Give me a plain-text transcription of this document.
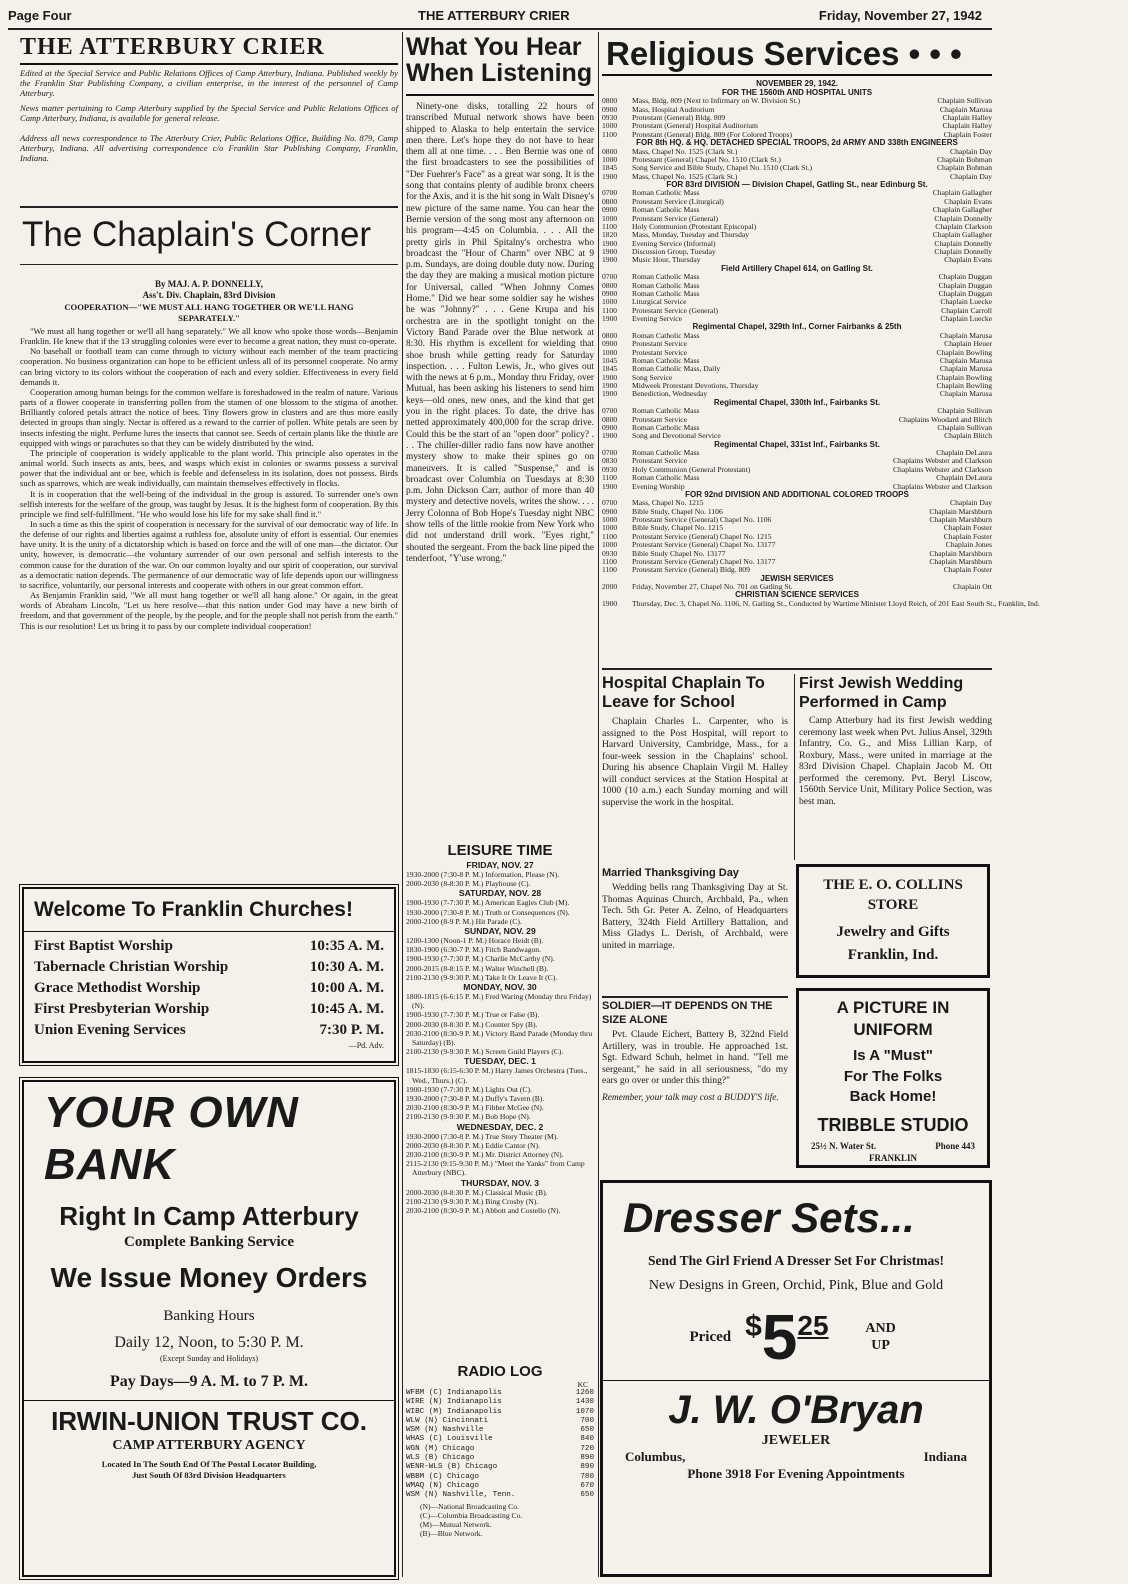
Page Four	THE ATTERBURY CRIER	Friday, November 27, 1942
THE ATTERBURY CRIER
Edited at the Special Service and Public Relations Offices of Camp Atterbury, Indiana. Published weekly by the Franklin Star Publishing Company, a civilian enterprise, in the interest of the personnel of Camp Atterbury.
News matter pertaining to Camp Atterbury supplied by the Special Service and Public Relations Offices of Camp Atterbury, Indiana, is available for general release.
Address all news correspondence to The Atterbury Crier, Public Relations Office, Building No. 879, Camp Atterbury, Indiana. All advertising correspondence c/o Franklin Star Publishing Company, Franklin, Indiana.
The Chaplain's Corner
By MAJ. A. P. DONNELLY,
Ass't. Div. Chaplain, 83rd Division
COOPERATION—"WE MUST ALL HANG TOGETHER OR WE'LL HANG SEPARATELY."
"We must all hang together or we'll all hang separately." We all know who spoke those words—Benjamin Franklin. He knew that if the 13 struggling colonies were ever to become a great nation, they must co-operate.
No baseball or football team can come through to victory without each member of the team practicing cooperation. No business organization can hope to be efficient unless all of its personnel cooperate. No army can bring victory to its colors without the cooperation of each and every soldier. Effectiveness in every field demands it.
Cooperation among human beings for the common welfare is foreshadowed in the realm of nature. Various parts of a flower cooperate in transferring pollen from the stamen of one blossom to the stigma of another. Brilliantly colored petals attract the notice of bees. Tiny flowers grow in clusters and are thus more easily detected in groups than singly. Nectar is offered as a reward to the carrier of pollen. White petals are seen by insects infesting the night. Perfume lures the insects that cannot see. Seeds of certain plants like the thistle are equipped with wings or parachutes so that they can be widely distributed by the wind.
The principle of cooperation is widely applicable to the plant world. This principle also operates in the animal world. Such insects as ants, bees, and wasps which exist in colonies or swarms possess a survival power that the individual ant or bee, which is feeble and defenseless in its isolation, does not possess. Birds such as sparrows, which are weak individually, can maintain themselves effectively in flocks.
It is in cooperation that the well-being of the individual in the group is assured. To surrender one's own selfish interests for the welfare of the group, was taught by Jesus. It is the highest form of cooperation. By this principle we find self-fulfillment. "He who would lose his life for my sake shall find it."
In such a time as this the spirit of cooperation is necessary for the survival of our democratic way of life. In the defense of our rights and liberties against a ruthless foe, absolute unity of effort is essential. Our enemies have unity. It is the unity of a dictatorship which is based on force and the will of one man—the dictator. Our unity, however, is democratic—the voluntary surrender of our own personal and selfish interests to the common cause for the duration of the war. On our common loyalty and our spirit of cooperation, our survival as a democratic nation depends. The permanence of our democratic way of life depends upon our willingness to sacrifice, voluntarily, our personal interests and cooperate with others in our great common effort.
As Benjamin Franklin said, "We all must hang together or we'll all hang alone." Or again, in the great words of Abraham Lincoln, "Let us here resolve—that this nation under God may have a new birth of freedom, and that government of the people, by the people, and for the people shall not perish from the earth." This is our resolution! Let us bring it to pass by our complete individual cooperation!
Welcome To Franklin Churches!
First Baptist Worship	10:35 A. M.
Tabernacle Christian Worship	10:30 A. M.
Grace Methodist Worship	10:00 A. M.
First Presbyterian Worship	10:45 A. M.
Union Evening Services	7:30 P. M.
—Pd. Adv.
YOUR OWN
BANK
Right In Camp Atterbury
Complete Banking Service
We Issue Money Orders
Banking Hours
Daily 12, Noon, to 5:30 P. M.
(Except Sunday and Holidays)
Pay Days—9 A. M. to 7 P. M.
IRWIN-UNION TRUST CO.
CAMP ATTERBURY AGENCY
Located In The South End Of The Postal Locator Building,
Just South Of 83rd Division Headquarters
What You Hear
When Listening
Ninety-one disks, totalling 22 hours of transcribed Mutual network shows have been shipped to Alaska to help entertain the service men there. Let's hope they do not have to hear them all at one time. . . . Ben Bernie was one of the first broadcasters to see the possibilities of "Der Fuehrer's Face" as a great war song. It is the song that contains plenty of audible bronx cheers for the Axis, and it is the hit song in Walt Disney's new picture of the same name. You can hear the Bernie version of the song most any afternoon on his program—4:45 on Columbia. . . . All the pretty girls in Phil Spitalny's orchestra who broadcast the "Hour of Charm" over NBC at 9 p.m. Sundays, are doing double duty now. During the day they are making a musical motion picture for Universal, called "When Johnny Comes Home." Did we hear some soldier say he wishes he was "Johnny?" . . . Gene Krupa and his orchestra are in the spotlight tonight on the Victory Band Parade over the Blue network at 8:30. His rhythm is excellent for wielding that shoe brush while getting ready for Saturday inspection. . . . Fulton Lewis, Jr., who gives out with the news at 6 p.m., Monday thru Friday, over Mutual, has been asking his listeners to send him keys—old ones, new ones, and the kind that get you in the right places. To date, the drive has netted approximately 400,000 for the scrap drive. Could this be the start of an "open door" policy? . . . The chiller-diller radio fans now have another mystery show to make their spines go on maneuvers. It is called "Suspense," and is broadcast over Columbia on Tuesdays at 8:30 p.m. John Dickson Carr, author of more than 40 mystery and detective novels, writes the show. . . . Jerry Colonna of Bob Hope's Tuesday night NBC show tells of the little rookie from New York who did not understand drill work. "Eyes right," shouted the sergeant. From the back line piped the tenderfoot, "Y'use wrong."
LEISURE TIME
FRIDAY, NOV. 27
1930-2000 (7:30-8 P. M.) Information, Please (N).
2000-2030 (8-8:30 P. M.) Playhouse (C).
SATURDAY, NOV. 28
1900-1930 (7-7:30 P. M.) American Eagles Club (M).
1930-2000 (7:30-8 P. M.) Truth or Consequences (N).
2000-2100 (8-9 P. M.) Hit Parade (C).
SUNDAY, NOV. 29
1200-1300 (Noon-1 P. M.) Horace Heidt (B).
1830-1900 (6:30-7 P. M.) Fitch Bandwagon.
1900-1930 (7-7:30 P. M.) Charlie McCarthy (N).
2000-2015 (8-8:15 P. M.) Walter Winchell (B).
2100-2130 (9-9:30 P. M.) Take It Or Leave It (C).
MONDAY, NOV. 30
1800-1815 (6-6:15 P. M.) Fred Waring (Monday thru Friday) (N).
1900-1930 (7-7:30 P. M.) True or False (B).
2000-2030 (8-8:30 P. M.) Counter Spy (B).
2030-2100 (8:30-9 P. M.) Victory Band Parade (Monday thru Saturday) (B).
2100-2130 (9-9:30 P. M.) Screen Guild Players (C).
TUESDAY, DEC. 1
1815-1830 (6:15-6:30 P. M.) Harry James Orchestra (Tues., Wed., Thurs.) (C).
1900-1930 (7-7:30 P. M.) Lights Out (C).
1930-2000 (7:30-8 P. M.) Duffy's Tavern (B).
2030-2100 (8:30-9 P. M.) Fibber McGee (N).
2100-2130 (9-9:30 P. M.) Bob Hope (N).
WEDNESDAY, DEC. 2
1930-2000 (7:30-8 P. M.) True Story Theater (M).
2000-2030 (8-8:30 P. M.) Eddie Cantor (N).
2030-2100 (8:30-9 P. M.) Mr. District Attorney (N).
2115-2130 (9:15-9:30 P. M.) "Meet the Yanks" from Camp Atterbury (NBC).
THURSDAY, NOV. 3
2000-2030 (8-8:30 P. M.) Classical Music (B).
2100-2130 (9-9:30 P. M.) Bing Crosby (N).
2030-2100 (8:30-9 P. M.) Abbott and Costello (N).
RADIO LOG
KC
WFBM (C) Indianapolis	1260
WIRE (N) Indianapolis	1430
WIBC (M) Indianapolis	1070
WLW (N) Cincinnati	700
WSM (N) Nashville	650
WHAS (C) Louisville	840
WGN (M) Chicago	720
WLS (B) Chicago	890
WENR-WLS (B) Chicago	890
WBBM (C) Chicago	780
WMAQ (N) Chicago	670
WSM (N) Nashville, Tenn.	650
(N)—National Broadcasting Co.
(C)—Columbia Broadcasting Co.
(M)—Mutual Network.
(B)—Blue Network.
Religious Services • • •
NOVEMBER 29, 1942.
FOR THE 1560th AND HOSPITAL UNITS
0800	Mass, Bldg. 809 (Next to Infirmary on W. Division St.)	Chaplain Sullivan
0900	Mass, Hospital Auditorium	Chaplain Marusa
0930	Protestant (General) Bldg. 809	Chaplain Halley
1000	Protestant (General) Hospital Auditorium	Chaplain Halley
1100	Protestant (General) Bldg. 809 (For Colored Troops)	Chaplain Foster
FOR 8th HQ. & HQ. DETACHED SPECIAL TROOPS, 2d ARMY AND 338th ENGINEERS
0800	Mass, Chapel No. 1525 (Clark St.)	Chaplain Day
1000	Protestant (General) Chapel No. 1510 (Clark St.)	Chaplain Bohman
1845	Song Service and Bible Study, Chapel No. 1510 (Clark St.)	Chaplain Bohman
1900	Mass, Chapel No. 1525 (Clark St.)	Chaplain Day
FOR 83rd DIVISION — Division Chapel, Gatling St., near Edinburg St.
0700	Roman Catholic Mass	Chaplain Gallagher
0800	Protestant Service (Liturgical)	Chaplain Evans
0900	Roman Catholic Mass	Chaplain Gallagher
1000	Protestant Service (General)	Chaplain Donnelly
1100	Holy Communion (Protestant Episcopal)	Chaplain Clarkson
1820	Mass, Monday, Tuesday and Thursday	Chaplain Gallagher
1900	Evening Service (Informal)	Chaplain Donnelly
1900	Discussion Group, Tuesday	Chaplain Donnelly
1900	Music Hour, Thursday	Chaplain Evans
Field Artillery Chapel 614, on Gatling St.
0700	Roman Catholic Mass	Chaplain Duggan
0800	Roman Catholic Mass	Chaplain Duggan
0900	Roman Catholic Mass	Chaplain Duggan
1000	Liturgical Service	Chaplain Luecke
1100	Protestant Service (General)	Chaplain Carroll
1900	Evening Service	Chaplain Luecke
Regimental Chapel, 329th Inf., Corner Fairbanks & 25th
0800	Roman Catholic Mass	Chaplain Marusa
0900	Protestant Service	Chaplain Heuer
1000	Protestant Service	Chaplain Bowling
1045	Roman Catholic Mass	Chaplain Marusa
1845	Roman Catholic Mass, Daily	Chaplain Marusa
1900	Song Service	Chaplain Bowling
1900	Midweek Protestant Devotions, Thursday	Chaplain Bowling
1900	Benediction, Wednesday	Chaplain Marusa
Regimental Chapel, 330th Inf., Fairbanks St.
0700	Roman Catholic Mass	Chaplain Sullivan
0800	Protestant Service	Chaplains Woodard and Blitch
0900	Roman Catholic Mass	Chaplain Sullivan
1900	Song and Devotional Service	Chaplain Blitch
Regimental Chapel, 331st Inf., Fairbanks St.
0700	Roman Catholic Mass	Chaplain DeLaura
0830	Protestant Service	Chaplains Webster and Clarkson
0930	Holy Communion (General Protestant)	Chaplains Webster and Clarkson
1100	Roman Catholic Mass	Chaplain DeLaura
1900	Evening Worship	Chaplains Webster and Clarkson
FOR 92nd DIVISION AND ADDITIONAL COLORED TROOPS
0700	Mass, Chapel No. 1215	Chaplain Day
0900	Bible Study, Chapel No. 1106	Chaplain Marshburn
1000	Protestant Service (General) Chapel No. 1106	Chaplain Marshburn
1000	Bible Study, Chapel No. 1215	Chaplain Foster
1100	Protestant Service (General) Chapel No. 1215	Chaplain Foster
1000	Protestant Service (General) Chapel No. 13177	Chaplain Jones
0930	Bible Study Chapel No. 13177	Chaplain Marshburn
1100	Protestant Service (General) Chapel No. 13177	Chaplain Marshburn
1100	Protestant Service (General) Bldg. 809	Chaplain Foster
JEWISH SERVICES
2000	Friday, November 27, Chapel No. 701 on Gatling St.	Chaplain Ott
CHRISTIAN SCIENCE SERVICES
1900	Thursday, Dec. 3, Chapel No. 1106, N. Gatling St., Conducted by Wartime Minister Lloyd Reich, of 201 East South St., Franklin, Ind.
Hospital Chaplain To Leave for School
Chaplain Charles L. Carpenter, who is assigned to the Post Hospital, will report to Harvard University, Cambridge, Mass., for a four-week session in the Chaplains' school. During his absence Chaplain Virgil M. Halley will conduct services at the Station Hospital at 1000 (10 a.m.) each Sunday morning and will supervise the work in the hospital.
Married Thanksgiving Day
Wedding bells rang Thanksgiving Day at St. Thomas Aquinas Church, Archbald, Pa., when Tech. 5th Gr. Peter A. Zelno, of Headquarters Battery, 324th Field Artillery Battalion, and Miss Gladys L. Derish, of Archbald, were united in marriage.
SOLDIER—IT DEPENDS ON THE SIZE ALONE
Pvt. Claude Eichert, Battery B, 322nd Field Artillery, was in trouble. He approached 1st. Sgt. Edward Schuh, helmet in hand. "Tell me sergeant," he said in all seriousness, "do my ears go over or under this thing?"
Remember, your talk may cost a BUDDY'S life.
First Jewish Wedding Performed in Camp
Camp Atterbury had its first Jewish wedding ceremony last week when Pvt. Julius Ansel, 329th Infantry, Co. G., and Miss Lillian Karp, of Roxbury, Mass., were united in marriage at the 83rd Division Chapel. Chaplain Jacob M. Ott performed the ceremony. Pvt. Beryl Liscow, 1560th Service Unit, Military Police Section, was best man.
THE E. O. COLLINS STORE
Jewelry and Gifts
Franklin, Ind.
A PICTURE IN UNIFORM
Is A "Must"
For The Folks
Back Home!
TRIBBLE STUDIO
25½ N. Water St.	Phone 443
FRANKLIN
Dresser Sets...
Send The Girl Friend A Dresser Set For Christmas!
New Designs in Green, Orchid, Pink, Blue and Gold
Priced $ 5 25	AND UP
J. W. O'Bryan
JEWELER
Columbus,	Indiana
Phone 3918 For Evening Appointments
